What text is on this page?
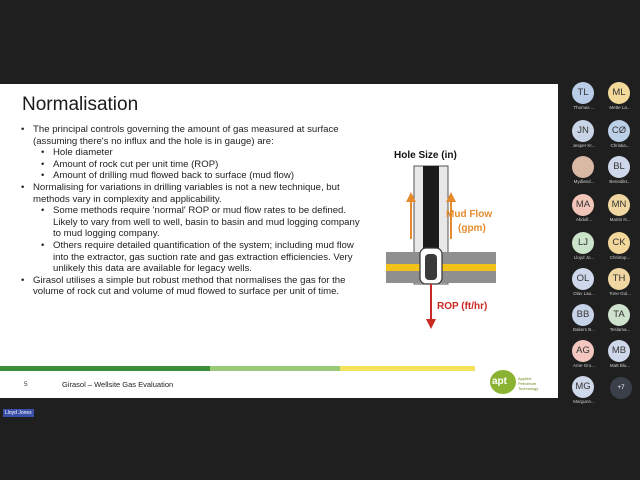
Normalisation
• The principal controls governing the amount of gas measured at surface (assuming there's no influx and the hole is in gauge) are:
• Hole diameter
• Amount of rock cut per unit time (ROP)
• Amount of drilling mud flowed back to surface (mud flow)
• Normalising for variations in drilling variables is not a new technique, but methods vary in complexity and applicability.
• Some methods require 'normal' ROP or mud flow rates to be defined. Likely to vary from well to well, basin to basin and mud logging company to mud logging company.
• Others require detailed quantification of the system; including mud flow into the extractor, gas suction rate and gas extraction efficiencies. Very unlikely this data are available for legacy wells.
• Girasol utilises a simple but robust method that normalises the gas for the volume of rock cut and volume of mud flowed to surface per unit of time.
Hole Size (in)
Mud Flow
(gpm)
ROP (ft/hr)
5	Girasol – Wellsite Gas Evaluation	apt	Applied
Petroleum
Technology
TL
Thomas ...
ML
Mette La...
JN
Jesper Kr...
CØ
Christia...
Mydland...
BL
Benedikt...
MA
Abdoll...
MN
Martin N...
LJ
Lloyd Jo...
CK
Christop...
OL
Olav Lau...
TH
Tone Gul...
BB
Bakers B...
TA
Teslama...
AG
Arne Gro...
MB
Matt Blu...
MG
Margunn...
+7
Lloyd Jones
